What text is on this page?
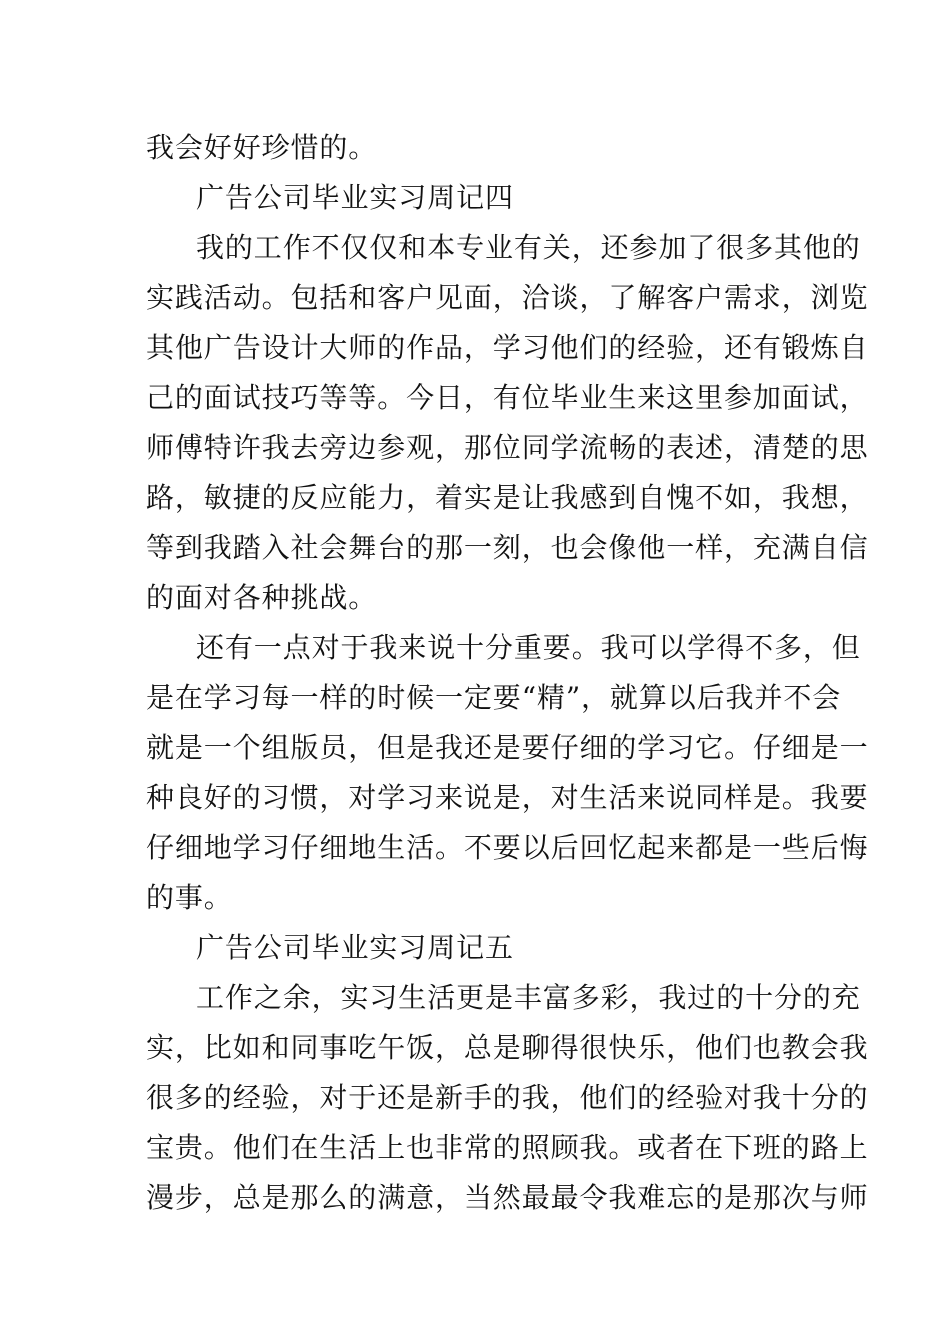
我会好好珍惜的。
广告公司毕业实习周记四
我的工作不仅仅和本专业有关，还参加了很多其他的
实践活动。包括和客户见面，洽谈，了解客户需求，浏览
其他广告设计大师的作品，学习他们的经验，还有锻炼自
己的面试技巧等等。今日，有位毕业生来这里参加面试，
师傅特许我去旁边参观，那位同学流畅的表述，清楚的思
路，敏捷的反应能力，着实是让我感到自愧不如，我想，
等到我踏入社会舞台的那一刻，也会像他一样，充满自信
的面对各种挑战。
还有一点对于我来说十分重要。我可以学得不多，但
是在学习每一样的时候一定要“精”，就算以后我并不会
就是一个组版员，但是我还是要仔细的学习它。仔细是一
种良好的习惯，对学习来说是，对生活来说同样是。我要
仔细地学习仔细地生活。不要以后回忆起来都是一些后悔
的事。
广告公司毕业实习周记五
工作之余，实习生活更是丰富多彩，我过的十分的充
实，比如和同事吃午饭，总是聊得很快乐，他们也教会我
很多的经验，对于还是新手的我，他们的经验对我十分的
宝贵。他们在生活上也非常的照顾我。或者在下班的路上
漫步，总是那么的满意，当然最最令我难忘的是那次与师
